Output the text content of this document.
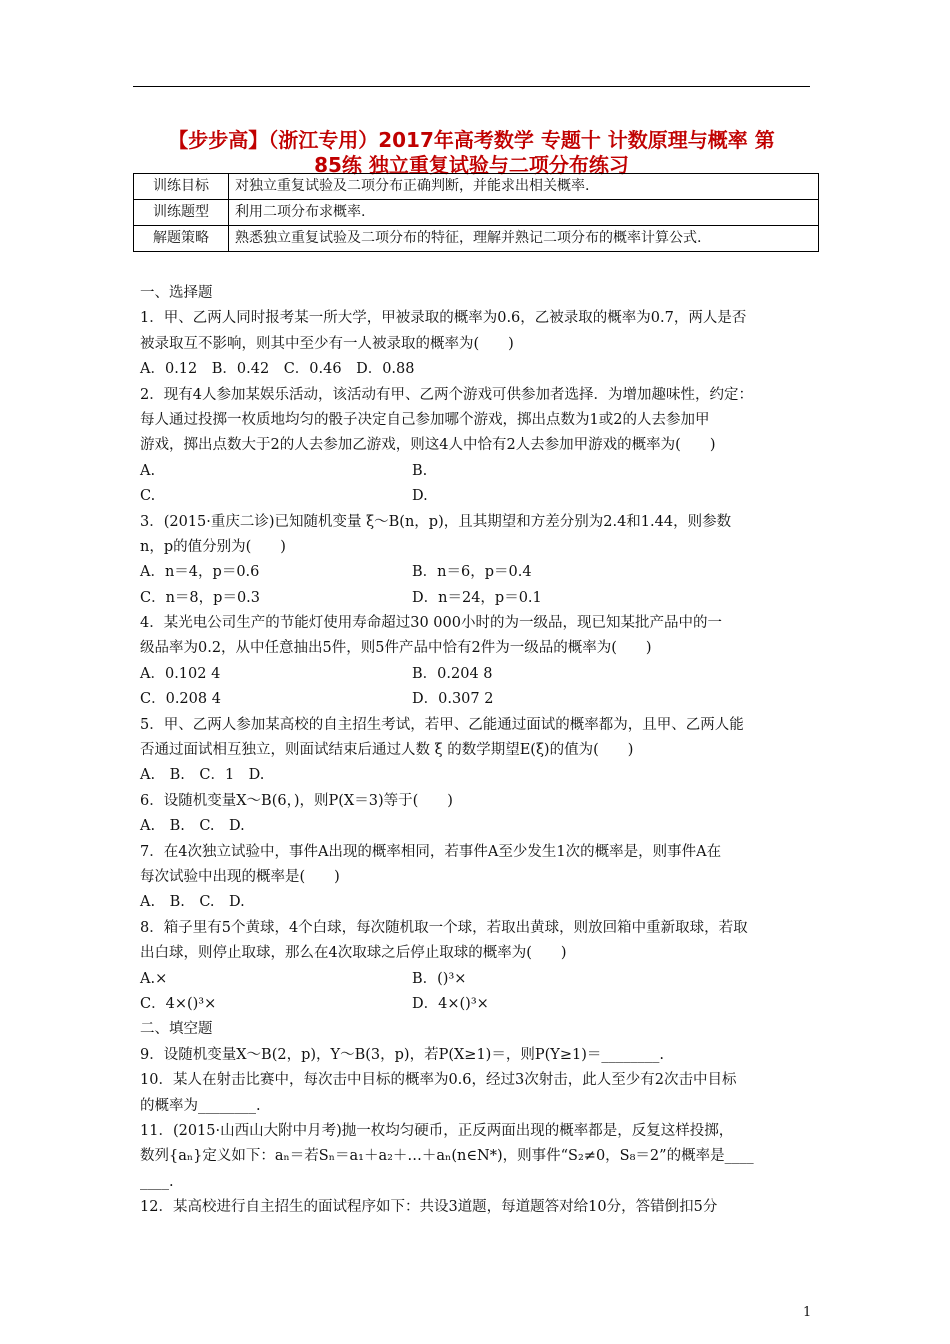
【步步高】（浙江专用）2017年高考数学 专题十 计数原理与概率 第
85练 独立重复试验与二项分布练习
训练目标	对独立重复试验及二项分布正确判断，并能求出相关概率.
训练题型	利用二项分布求概率.
解题策略	熟悉独立重复试验及二项分布的特征，理解并熟记二项分布的概率计算公式.
一、选择题
1．甲、乙两人同时报考某一所大学，甲被录取的概率为0.6，乙被录取的概率为0.7，两人是否
被录取互不影响，则其中至少有一人被录取的概率为(　　)
A．0.12　B．0.42　C．0.46　D．0.88
2．现有4人参加某娱乐活动，该活动有甲、乙两个游戏可供参加者选择．为增加趣味性，约定：
每人通过投掷一枚质地均匀的骰子决定自己参加哪个游戏，掷出点数为1或2的人去参加甲
游戏，掷出点数大于2的人去参加乙游戏，则这4人中恰有2人去参加甲游戏的概率为(　　)
A.	B.
C.	D.
3．(2015·重庆二诊)已知随机变量 ξ～B(n，p)，且其期望和方差分别为2.4和1.44，则参数
n，p的值分别为(　　)
A．n＝4，p＝0.6	B．n＝6，p＝0.4
C．n＝8，p＝0.3	D．n＝24，p＝0.1
4．某光电公司生产的节能灯使用寿命超过30 000小时的为一级品，现已知某批产品中的一
级品率为0.2，从中任意抽出5件，则5件产品中恰有2件为一级品的概率为(　　)
A．0.102 4	B．0.204 8
C．0.208 4	D．0.307 2
5．甲、乙两人参加某高校的自主招生考试，若甲、乙能通过面试的概率都为，且甲、乙两人能
否通过面试相互独立，则面试结束后通过人数 ξ 的数学期望E(ξ)的值为(　　)
A.　B.　C．1　D.
6．设随机变量X～B(6，)，则P(X＝3)等于(　　)
A.　B.　C.　D.
7．在4次独立试验中，事件A出现的概率相同，若事件A至少发生1次的概率是，则事件A在
每次试验中出现的概率是(　　)
A.　B.　C.　D.
8．箱子里有5个黄球，4个白球，每次随机取一个球，若取出黄球，则放回箱中重新取球，若取
出白球，则停止取球，那么在4次取球之后停止取球的概率为(　　)
A.×	B．()³×
C．4×()³×	D．4×()³×
二、填空题
9．设随机变量X～B(2，p)，Y～B(3，p)，若P(X≥1)＝，则P(Y≥1)＝________.
10．某人在射击比赛中，每次击中目标的概率为0.6，经过3次射击，此人至少有2次击中目标
的概率为________.
11．(2015·山西山大附中月考)抛一枚均匀硬币，正反两面出现的概率都是，反复这样投掷，
数列{aₙ}定义如下：aₙ＝若Sₙ＝a₁＋a₂＋…＋aₙ(n∈N*)，则事件“S₂≠0，S₈＝2”的概率是____
____.
12．某高校进行自主招生的面试程序如下：共设3道题，每道题答对给10分，答错倒扣5分
1
